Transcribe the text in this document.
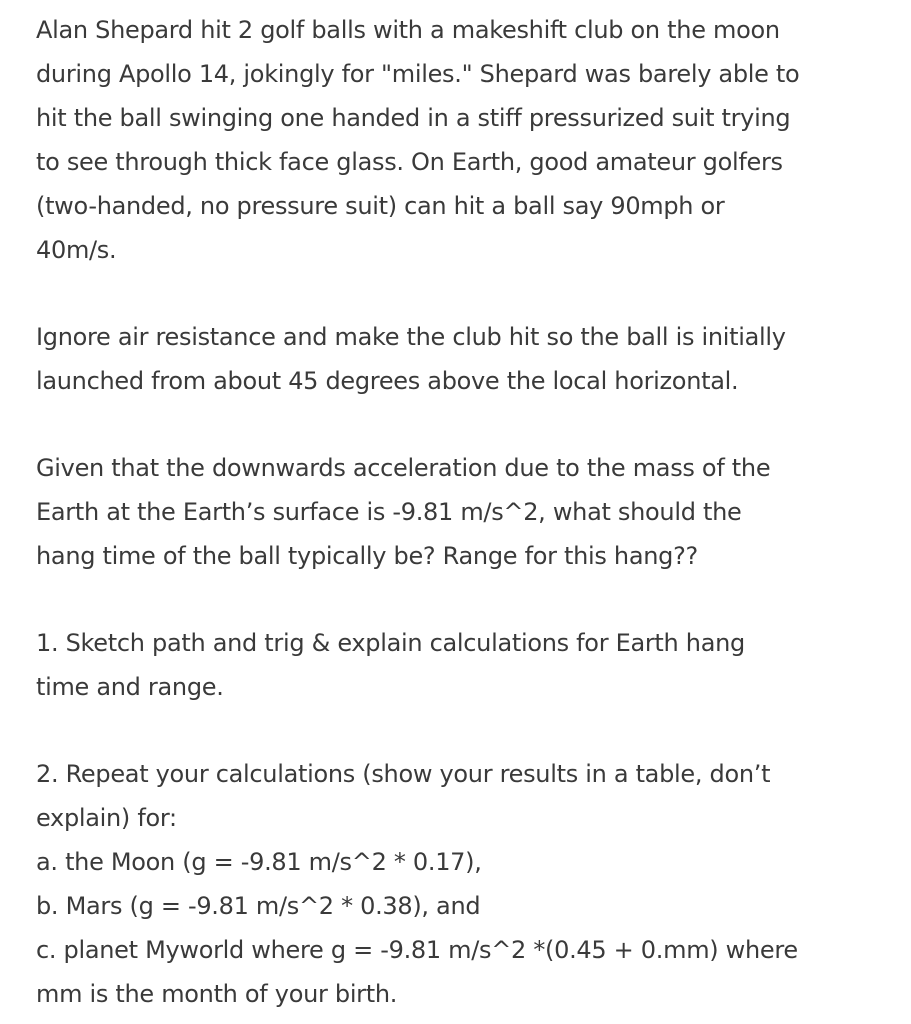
Alan Shepard hit 2 golf balls with a makeshift club on the moon
during Apollo 14, jokingly for "miles." Shepard was barely able to
hit the ball swinging one handed in a stiff pressurized suit trying
to see through thick face glass. On Earth, good amateur golfers
(two-handed, no pressure suit) can hit a ball say 90mph or
40m/s.
Ignore air resistance and make the club hit so the ball is initially
launched from about 45 degrees above the local horizontal.
Given that the downwards acceleration due to the mass of the
Earth at the Earth’s surface is -9.81 m/s^2, what should the
hang time of the ball typically be? Range for this hang??
1. Sketch path and trig & explain calculations for Earth hang
time and range.
2. Repeat your calculations (show your results in a table, don’t
explain) for:
a. the Moon (g = -9.81 m/s^2 * 0.17),
b. Mars (g = -9.81 m/s^2 * 0.38), and
c. planet Myworld where g = -9.81 m/s^2 *(0.45 + 0.mm) where
mm is the month of your birth.
